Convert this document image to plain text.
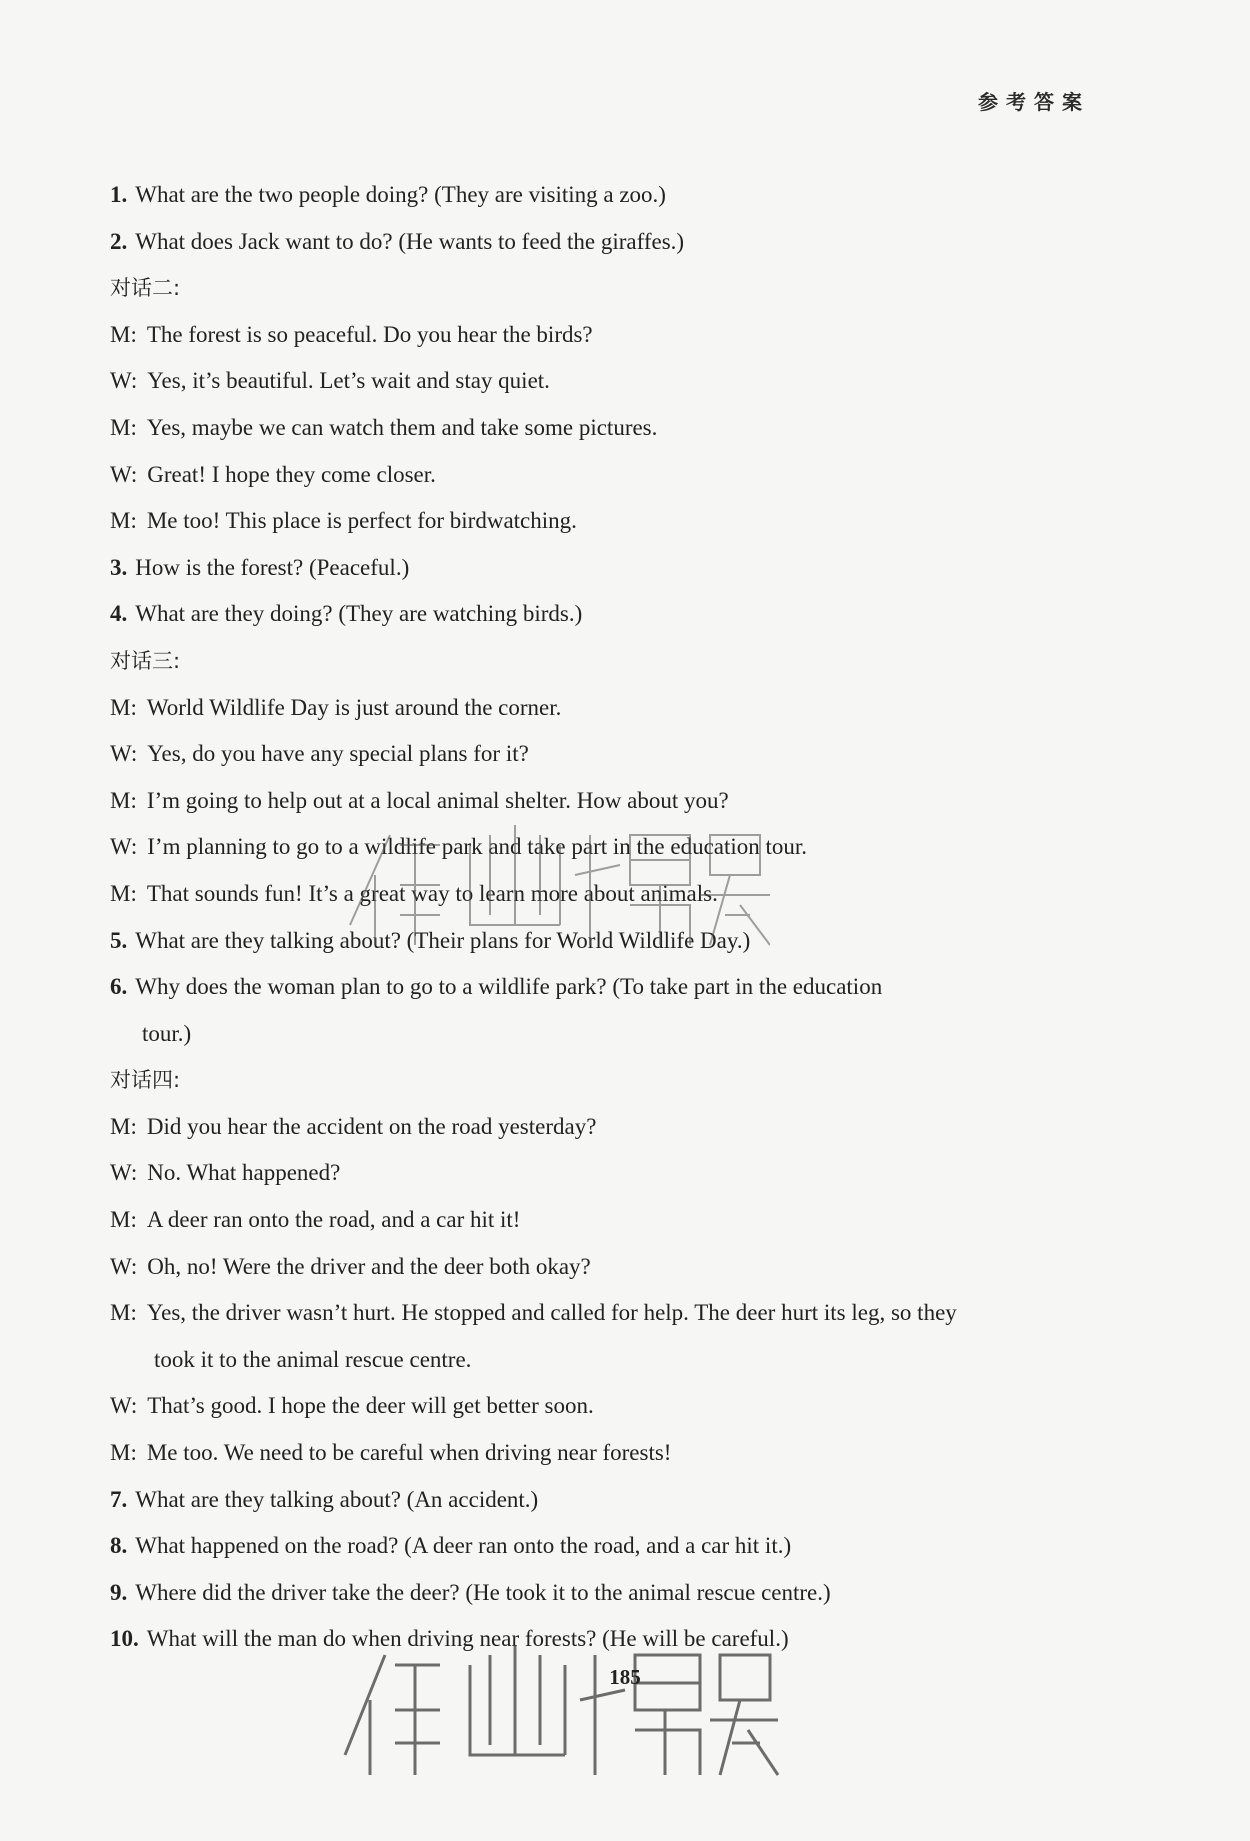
参考答案
1. What are the two people doing? (They are visiting a zoo.)
2. What does Jack want to do? (He wants to feed the giraffes.)
对话二:
M: The forest is so peaceful. Do you hear the birds?
W: Yes, it’s beautiful. Let’s wait and stay quiet.
M: Yes, maybe we can watch them and take some pictures.
W: Great! I hope they come closer.
M: Me too! This place is perfect for birdwatching.
3. How is the forest? (Peaceful.)
4. What are they doing? (They are watching birds.)
对话三:
M: World Wildlife Day is just around the corner.
W: Yes, do you have any special plans for it?
M: I’m going to help out at a local animal shelter. How about you?
W: I’m planning to go to a wildlife park and take part in the education tour.
M: That sounds fun! It’s a great way to learn more about animals.
5. What are they talking about? (Their plans for World Wildlife Day.)
6. Why does the woman plan to go to a wildlife park? (To take part in the education
tour.)
对话四:
M: Did you hear the accident on the road yesterday?
W: No. What happened?
M: A deer ran onto the road, and a car hit it!
W: Oh, no! Were the driver and the deer both okay?
M: Yes, the driver wasn’t hurt. He stopped and called for help. The deer hurt its leg, so they
took it to the animal rescue centre.
W: That’s good. I hope the deer will get better soon.
M: Me too. We need to be careful when driving near forests!
7. What are they talking about? (An accident.)
8. What happened on the road? (A deer ran onto the road, and a car hit it.)
9. Where did the driver take the deer? (He took it to the animal rescue centre.)
10. What will the man do when driving near forests? (He will be careful.)
185
